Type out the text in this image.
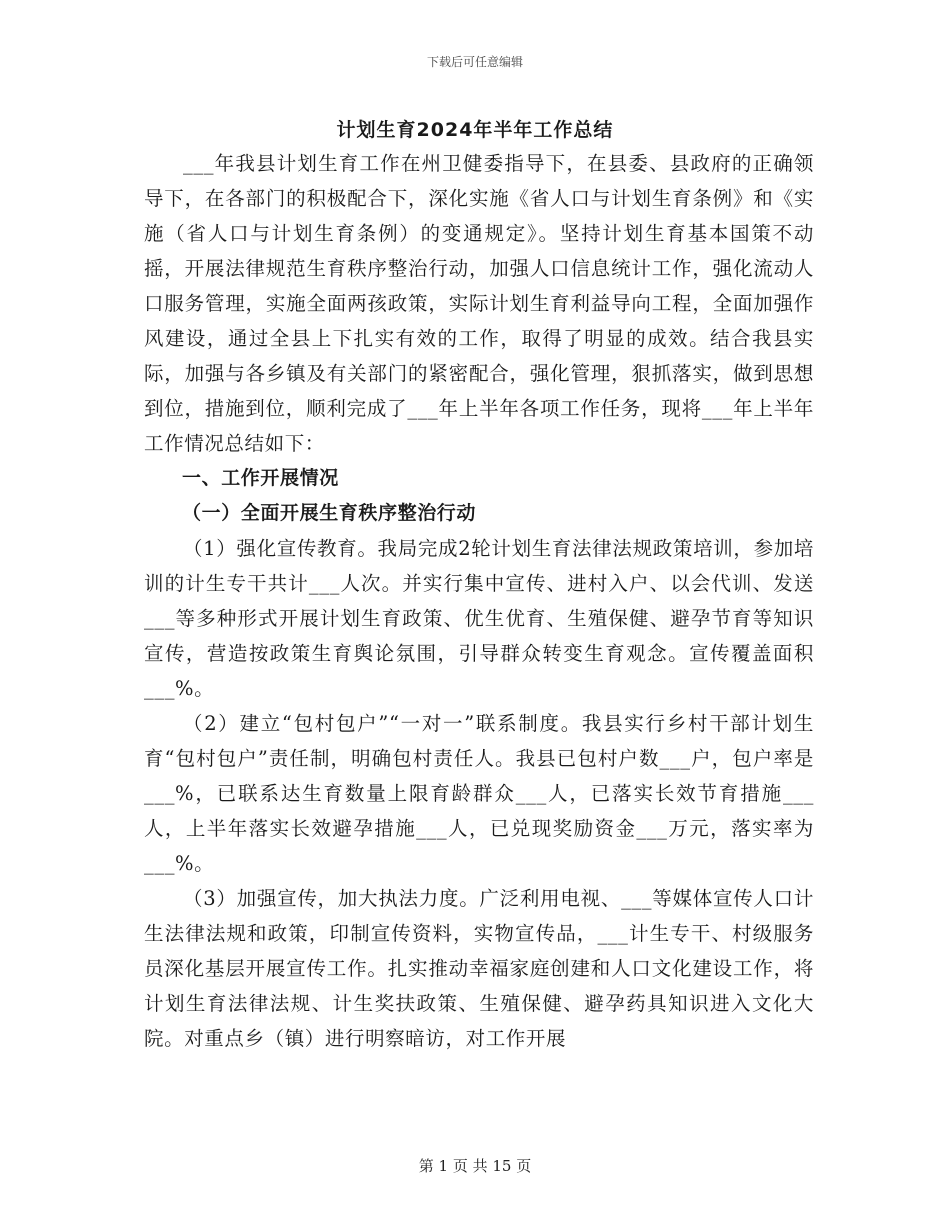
下载后可任意编辑
计划生育2024年半年工作总结

___年我县计划生育工作在州卫健委指导下，在县委、县政府的正确领导下，在各部门的积极配合下，深化实施《省人口与计划生育条例》和《实施（省人口与计划生育条例）的变通规定》。坚持计划生育基本国策不动摇，开展法律规范生育秩序整治行动，加强人口信息统计工作，强化流动人口服务管理，实施全面两孩政策，实际计划生育利益导向工程，全面加强作风建设，通过全县上下扎实有效的工作，取得了明显的成效。结合我县实际，加强与各乡镇及有关部门的紧密配合，强化管理，狠抓落实，做到思想到位，措施到位，顺利完成了___年上半年各项工作任务，现将___年上半年工作情况总结如下：

一、工作开展情况

（一）全面开展生育秩序整治行动

（1）强化宣传教育。我局完成2轮计划生育法律法规政策培训，参加培训的计生专干共计___人次。并实行集中宣传、进村入户、以会代训、发送___等多种形式开展计划生育政策、优生优育、生殖保健、避孕节育等知识宣传，营造按政策生育舆论氛围，引导群众转变生育观念。宣传覆盖面积___%。

（2）建立“包村包户”“一对一”联系制度。我县实行乡村干部计划生育“包村包户”责任制，明确包村责任人。我县已包村户数___户，包户率是___%，已联系达生育数量上限育龄群众___人，已落实长效节育措施___人，上半年落实长效避孕措施___人，已兑现奖励资金___万元，落实率为___%。

（3）加强宣传，加大执法力度。广泛利用电视、___等媒体宣传人口计生法律法规和政策，印制宣传资料，实物宣传品，___计生专干、村级服务员深化基层开展宣传工作。扎实推动幸福家庭创建和人口文化建设工作，将计划生育法律法规、计生奖扶政策、生殖保健、避孕药具知识进入文化大院。对重点乡（镇）进行明察暗访，对工作开展

第 1 页 共 15 页
